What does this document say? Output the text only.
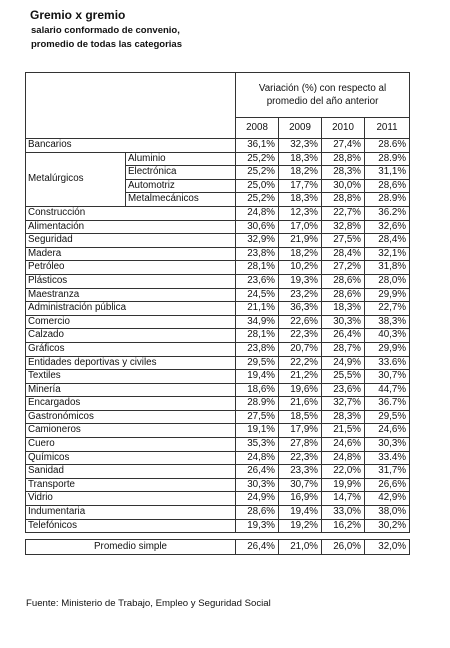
Gremio x gremio
salario conformado de convenio,
promedio de todas las categorias
		Variación (%) con respecto al promedio del año anterior			
		2008	2009	2010	2011
Bancarios		36,1%	32,3%	27,4%	28.6%
Metalúrgicos	Aluminio	25,2%	18,3%	28,8%	28.9%
	Electrónica	25,2%	18,2%	28,3%	31,1%
	Automotriz	25,0%	17,7%	30,0%	28,6%
	Metalmecánicos	25,2%	18,3%	28,8%	28.9%
Construcción		24,8%	12,3%	22,7%	36.2%
Alimentación		30,6%	17,0%	32,8%	32,6%
Seguridad		32,9%	21,9%	27,5%	28,4%
Madera		23,8%	18,2%	28,4%	32,1%
Petróleo		28,1%	10,2%	27,2%	31,8%
Plásticos		23,6%	19,3%	28,6%	28,0%
Maestranza		24,5%	23,2%	28,6%	29,9%
Administración pública		21,1%	36,3%	18,3%	22,7%
Comercio		34,9%	22,6%	30,3%	38,3%
Calzado		28,1%	22,3%	26,4%	40,3%
Gráficos		23,8%	20,7%	28,7%	29,9%
Entidades deportivas y civiles		29,5%	22,2%	24,9%	33.6%
Textiles		19,4%	21,2%	25,5%	30,7%
Minería		18,6%	19,6%	23,6%	44,7%
Encargados		28.9%	21,6%	32,7%	36.7%
Gastronómicos		27,5%	18,5%	28,3%	29,5%
Camioneros		19,1%	17,9%	21,5%	24,6%
Cuero		35,3%	27,8%	24,6%	30,3%
Químicos		24,8%	22,3%	24,8%	33.4%
Sanidad		26,4%	23,3%	22,0%	31,7%
Transporte		30,3%	30,7%	19,9%	26,6%
Vidrio		24,9%	16,9%	14,7%	42,9%
Indumentaria		28,6%	19,4%	33,0%	38,0%
Telefónicos		19,3%	19,2%	16,2%	30,2%

Promedio simple		26,4%	21,0%	26,0%	32,0%
Fuente: Ministerio de Trabajo, Empleo y Seguridad Social
